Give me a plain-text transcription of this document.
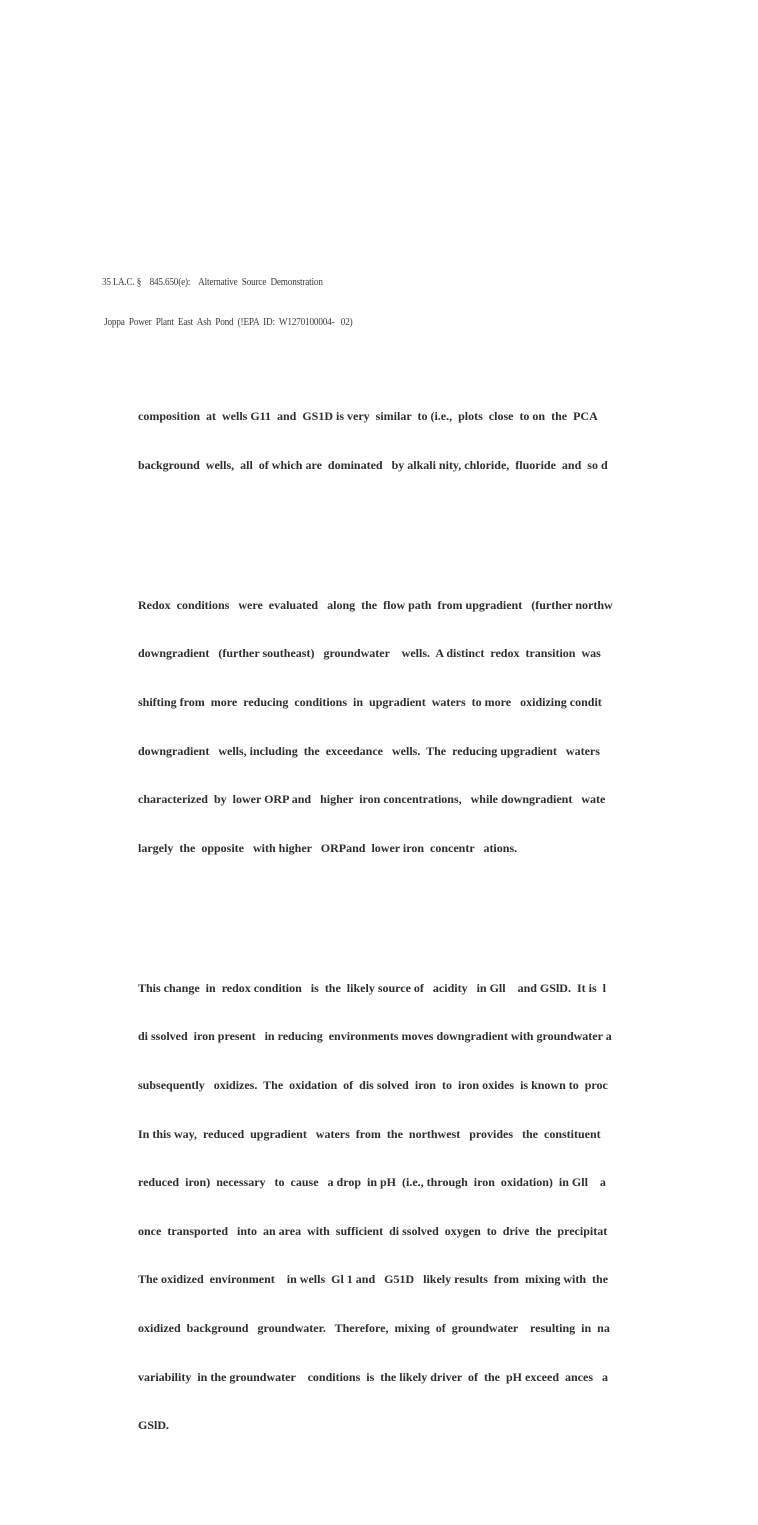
35 I.A.C. §    845.650(e):    Alternative  Source  Demonstration

Joppa  Power  Plant  East  Ash  Pond  (!EPA  ID:  W1270100004-   02)

composition  at  wells G11  and  GS1D is very  similar  to (i.e.,  plots  close  to on  the  PCA

background  wells,  all  of which are  dominated   by alkali nity, chloride,  fluoride  and  so d

Redox  conditions   were  evaluated   along  the  flow path  from upgradient   (further northw

downgradient   (further southeast)   groundwater    wells.  A distinct  redox  transition  was

shifting from  more  reducing  conditions  in  upgradient  waters  to more   oxidizing condit

downgradient   wells, including  the  exceedance   wells.  The  reducing upgradient   waters

characterized  by  lower ORP and   higher  iron concentrations,   while downgradient   wate

largely  the  opposite   with higher   ORPand  lower iron  concentr   ations.

This change  in  redox condition   is  the  likely source of   acidity   in Gll    and GSlD.  It is  l

di ssolved  iron present   in reducing  environments moves downgradient with groundwater a

subsequently   oxidizes.  The  oxidation  of  dis solved  iron  to  iron oxides  is known to  proc

In this way,  reduced  upgradient   waters  from  the  northwest   provides   the  constituent

reduced  iron)  necessary   to  cause   a drop  in pH  (i.e., through  iron  oxidation)  in Gll    a

once  transported   into  an area  with  sufficient  di ssolved  oxygen  to  drive  the  precipitat

The oxidized  environment    in wells  Gl 1 and   G51D   likely results  from  mixing with  the

oxidized  background   groundwater.   Therefore,  mixing  of  groundwater    resulting  in  na

variability  in the groundwater    conditions  is  the likely driver  of  the  pH exceed  ances   a

GSlD.
